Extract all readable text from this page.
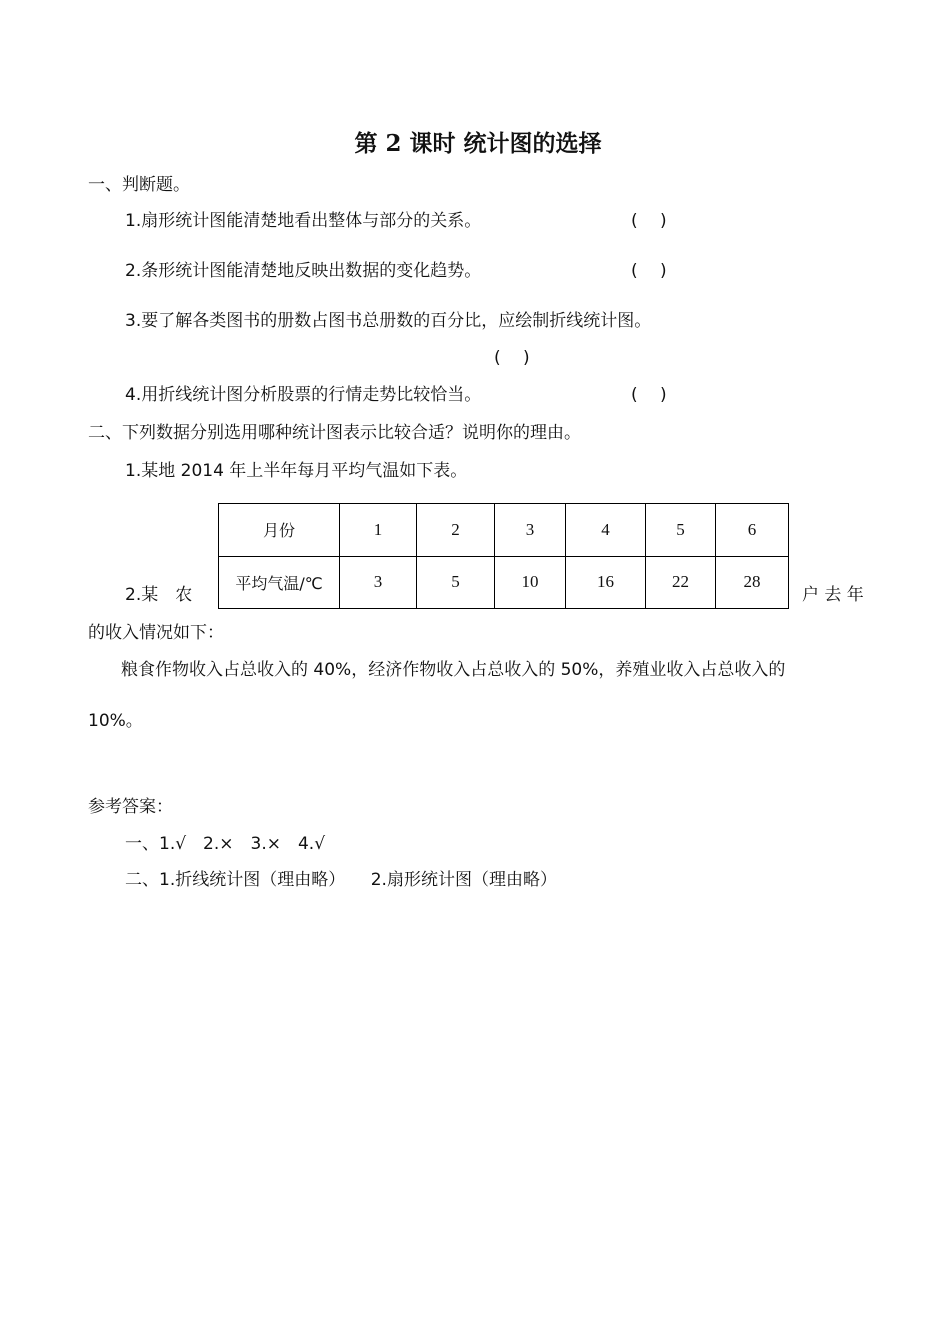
第 2 课时 统计图的选择
一、判断题。
1.扇形统计图能清楚地看出整体与部分的关系。	(　 )
2.条形统计图能清楚地反映出数据的变化趋势。	(　 )
3.要了解各类图书的册数占图书总册数的百分比，应绘制折线统计图。
(　 )
4.用折线统计图分析股票的行情走势比较恰当。	(　 )
二、下列数据分别选用哪种统计图表示比较合适？说明你的理由。
1.某地 2014 年上半年每月平均气温如下表。
月份	1	2	3	4	5	6
平均气温/℃	3	5	10	16	22	28
2.某　农	户 去 年
的收入情况如下：
粮食作物收入占总收入的 40%，经济作物收入占总收入的 50%，养殖业收入占总收入的
10%。
参考答案：
一、1.√　2.×　3.×　4.√
二、1.折线统计图（理由略）　　2.扇形统计图（理由略）
